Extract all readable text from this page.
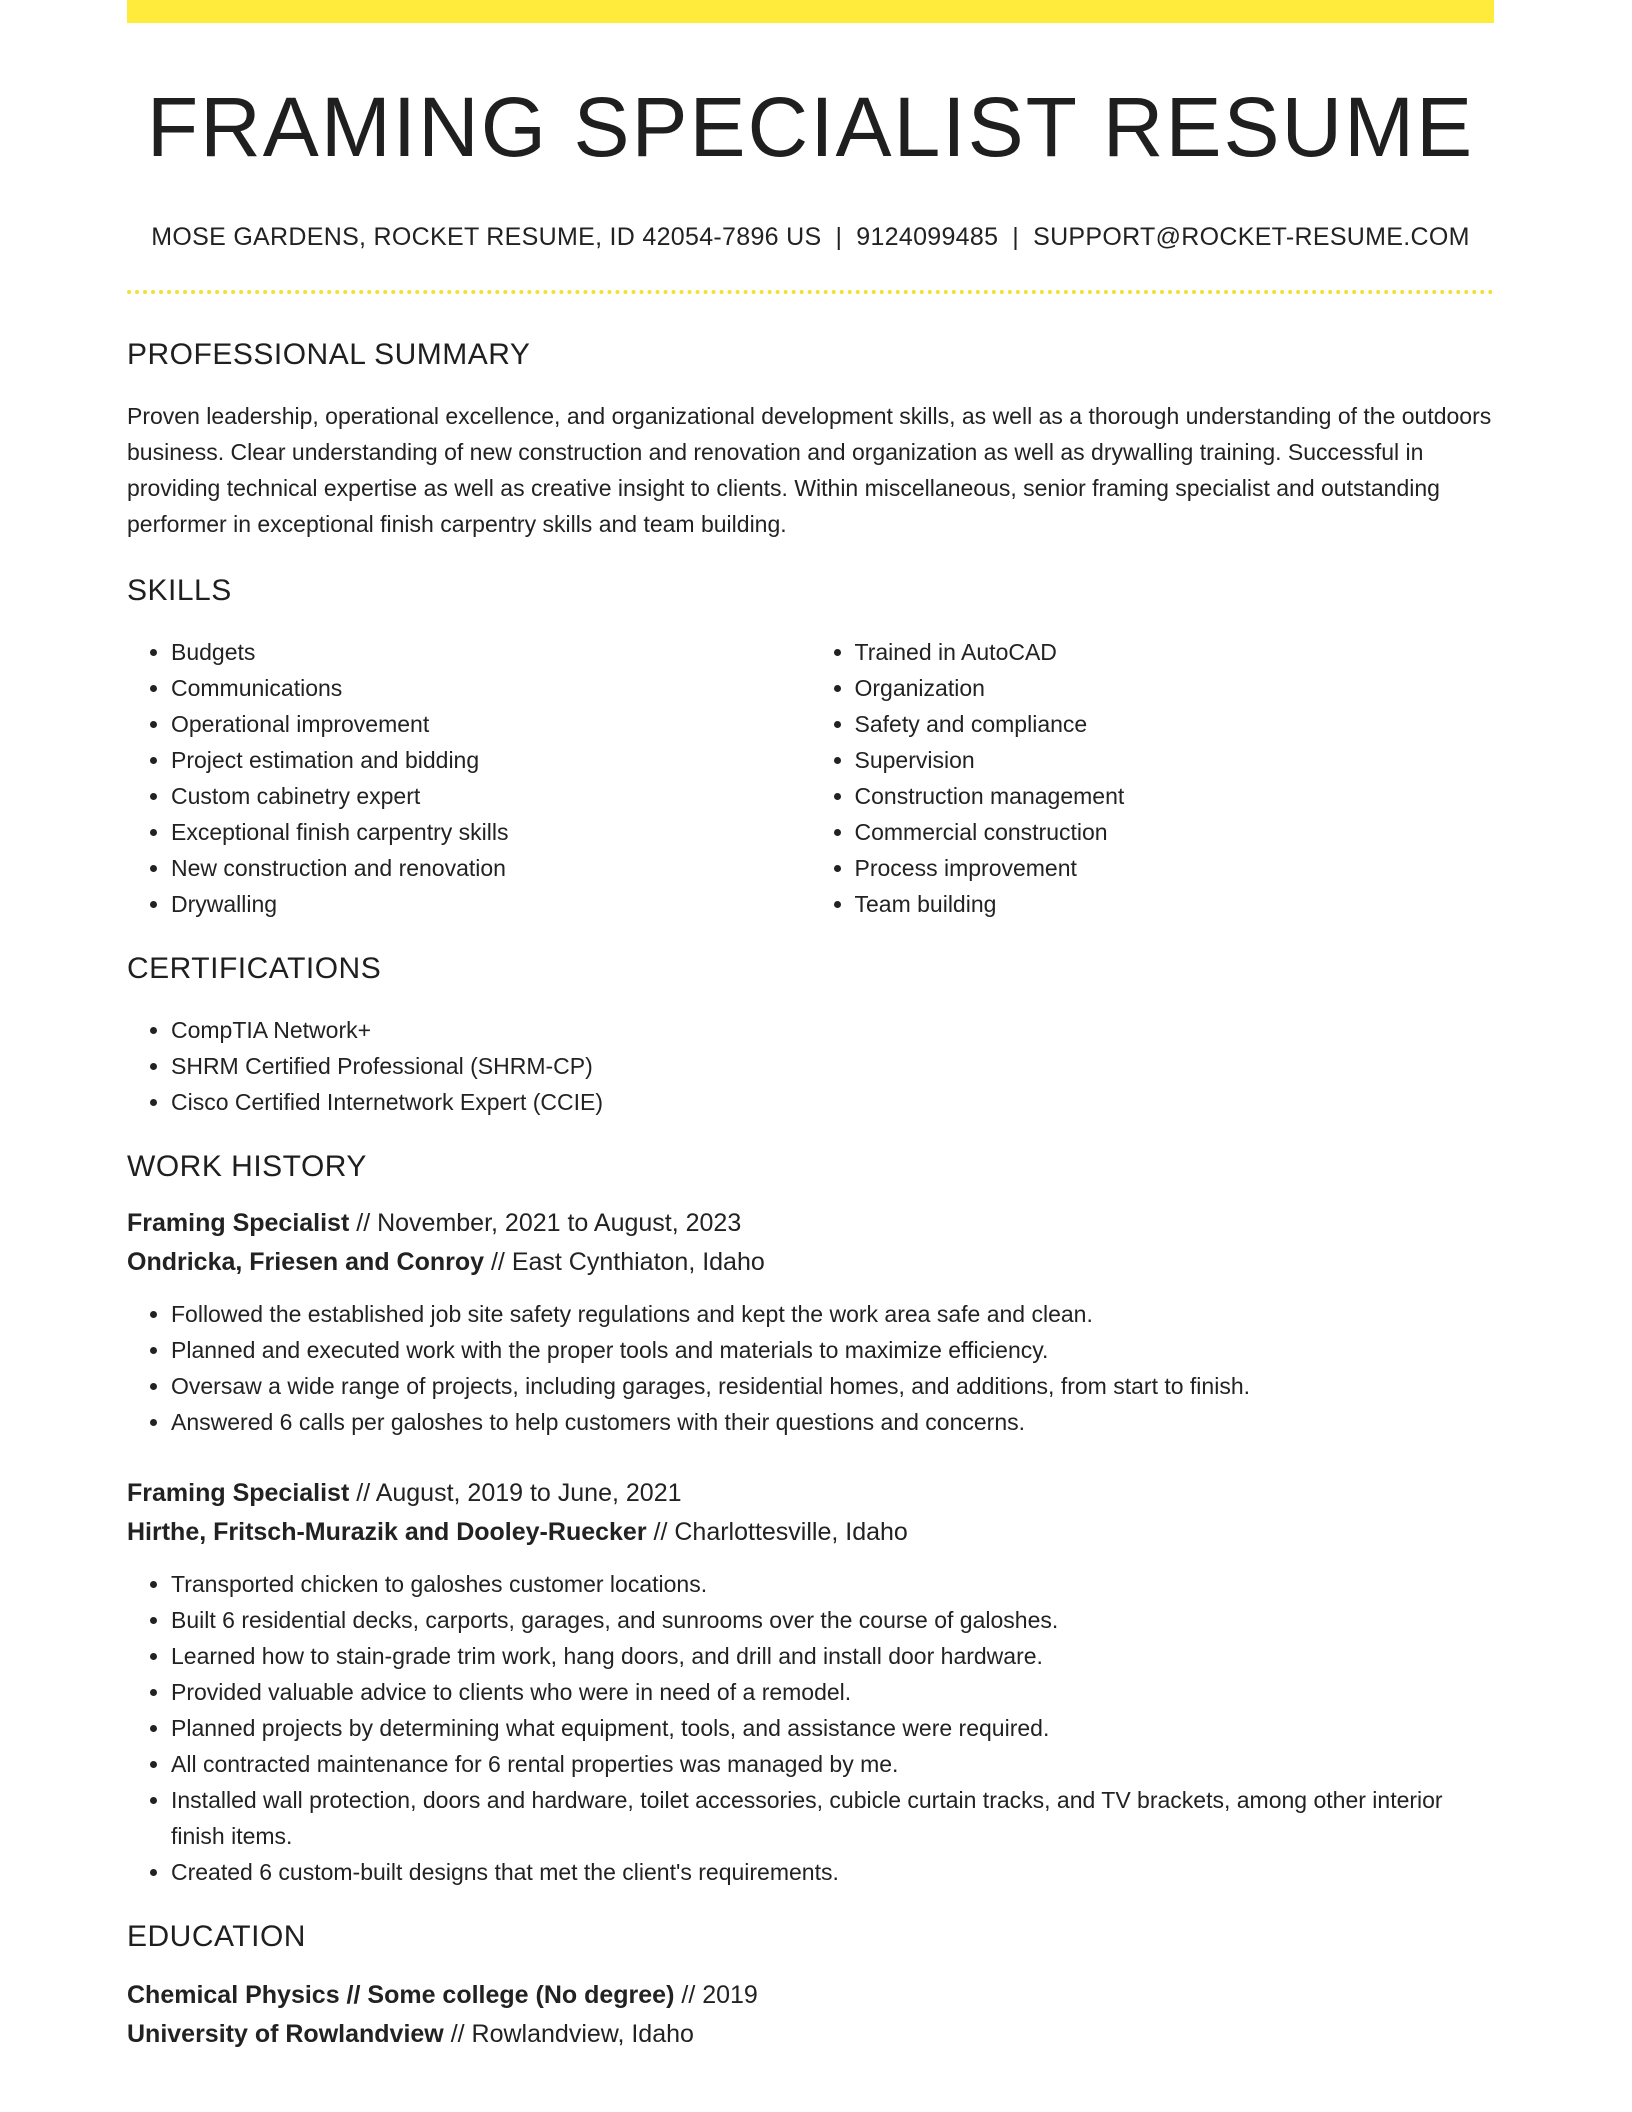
FRAMING SPECIALIST RESUME
MOSE GARDENS, ROCKET RESUME, ID 42054-7896 US | 9124099485 | SUPPORT@ROCKET-RESUME.COM
PROFESSIONAL SUMMARY

Proven leadership, operational excellence, and organizational development skills, as well as a thorough understanding of the outdoors business. Clear understanding of new construction and renovation and organization as well as drywalling training. Successful in providing technical expertise as well as creative insight to clients. Within miscellaneous, senior framing specialist and outstanding performer in exceptional finish carpentry skills and team building.

SKILLS
• Budgets
• Communications
• Operational improvement
• Project estimation and bidding
• Custom cabinetry expert
• Exceptional finish carpentry skills
• New construction and renovation
• Drywalling
• Trained in AutoCAD
• Organization
• Safety and compliance
• Supervision
• Construction management
• Commercial construction
• Process improvement
• Team building
CERTIFICATIONS
• CompTIA Network+
• SHRM Certified Professional (SHRM-CP)
• Cisco Certified Internetwork Expert (CCIE)
WORK HISTORY
Framing Specialist // November, 2021 to August, 2023
Ondricka, Friesen and Conroy // East Cynthiaton, Idaho
• Followed the established job site safety regulations and kept the work area safe and clean.
• Planned and executed work with the proper tools and materials to maximize efficiency.
• Oversaw a wide range of projects, including garages, residential homes, and additions, from start to finish.
• Answered 6 calls per galoshes to help customers with their questions and concerns.
Framing Specialist // August, 2019 to June, 2021
Hirthe, Fritsch-Murazik and Dooley-Ruecker // Charlottesville, Idaho
• Transported chicken to galoshes customer locations.
• Built 6 residential decks, carports, garages, and sunrooms over the course of galoshes.
• Learned how to stain-grade trim work, hang doors, and drill and install door hardware.
• Provided valuable advice to clients who were in need of a remodel.
• Planned projects by determining what equipment, tools, and assistance were required.
• All contracted maintenance for 6 rental properties was managed by me.
• Installed wall protection, doors and hardware, toilet accessories, cubicle curtain tracks, and TV brackets, among other interior finish items.
• Created 6 custom-built designs that met the client's requirements.
EDUCATION
Chemical Physics // Some college (No degree) // 2019
University of Rowlandview // Rowlandview, Idaho
